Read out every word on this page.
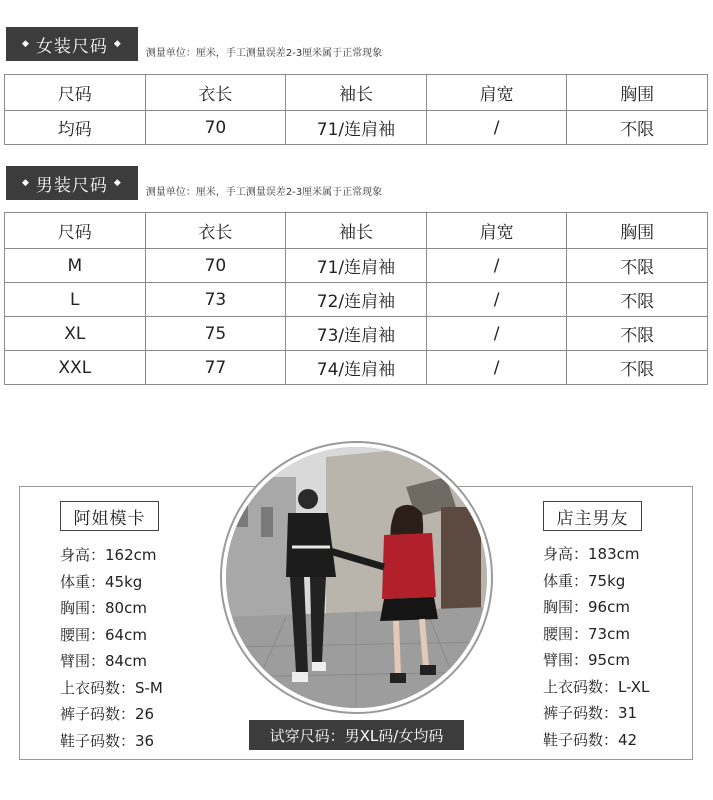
◆ 女装尺码 ◆
测量单位：厘米，手工测量误差2-3厘米属于正常现象
尺码	衣长	袖长	肩宽	胸围
均码	70	71/连肩袖	/	不限
◆ 男装尺码 ◆
测量单位：厘米，手工测量误差2-3厘米属于正常现象
尺码	衣长	袖长	肩宽	胸围
M	70	71/连肩袖	/	不限
L	73	72/连肩袖	/	不限
XL	75	73/连肩袖	/	不限
XXL	77	74/连肩袖	/	不限
阿姐模卡
身高：162cm
体重：45kg
胸围：80cm
腰围：64cm
臂围：84cm
上衣码数：S-M
裤子码数：26
鞋子码数：36
店主男友
身高：183cm
体重：75kg
胸围：96cm
腰围：73cm
臂围：95cm
上衣码数：L-XL
裤子码数：31
鞋子码数：42
试穿尺码：男XL码/女均码
